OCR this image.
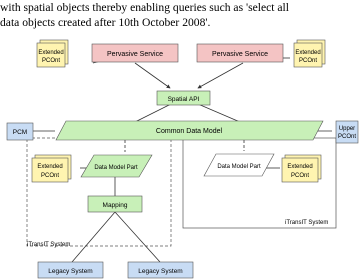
with spatial objects thereby enabling queries such as 'select all
data objects created after 10th October 2008'.
Extended
PCOnt
Pervasive Service	Pervasive Service	Extended
PCOnt
Spatial API
PCM	Common Data Model	Upper
PCOnt
Extended
PCOnt
Data Model Part	Data Model Part	Extended
PCOnt
iTransIT System
iTransIT System
Mapping
Legacy System	Legacy System
